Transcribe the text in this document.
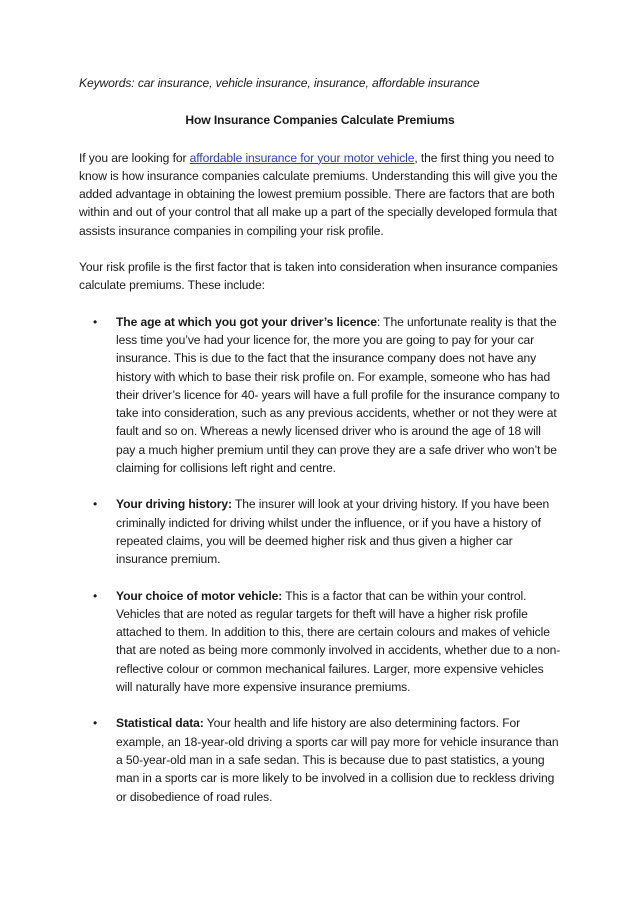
Keywords: car insurance, vehicle insurance, insurance, affordable insurance

How Insurance Companies Calculate Premiums

If you are looking for affordable insurance for your motor vehicle, the first thing you need to know is how insurance companies calculate premiums. Understanding this will give you the added advantage in obtaining the lowest premium possible. There are factors that are both within and out of your control that all make up a part of the specially developed formula that assists insurance companies in compiling your risk profile.

Your risk profile is the first factor that is taken into consideration when insurance companies calculate premiums. These include:

• The age at which you got your driver’s licence: The unfortunate reality is that the less time you’ve had your licence for, the more you are going to pay for your car insurance. This is due to the fact that the insurance company does not have any history with which to base their risk profile on. For example, someone who has had their driver’s licence for 40- years will have a full profile for the insurance company to take into consideration, such as any previous accidents, whether or not they were at fault and so on. Whereas a newly licensed driver who is around the age of 18 will pay a much higher premium until they can prove they are a safe driver who won’t be claiming for collisions left right and centre.
• Your driving history: The insurer will look at your driving history. If you have been criminally indicted for driving whilst under the influence, or if you have a history of repeated claims, you will be deemed higher risk and thus given a higher car insurance premium.
• Your choice of motor vehicle: This is a factor that can be within your control. Vehicles that are noted as regular targets for theft will have a higher risk profile attached to them. In addition to this, there are certain colours and makes of vehicle that are noted as being more commonly involved in accidents, whether due to a non-reflective colour or common mechanical failures. Larger, more expensive vehicles will naturally have more expensive insurance premiums.
• Statistical data: Your health and life history are also determining factors. For example, an 18-year-old driving a sports car will pay more for vehicle insurance than a 50-year-old man in a safe sedan. This is because due to past statistics, a young man in a sports car is more likely to be involved in a collision due to reckless driving or disobedience of road rules.
